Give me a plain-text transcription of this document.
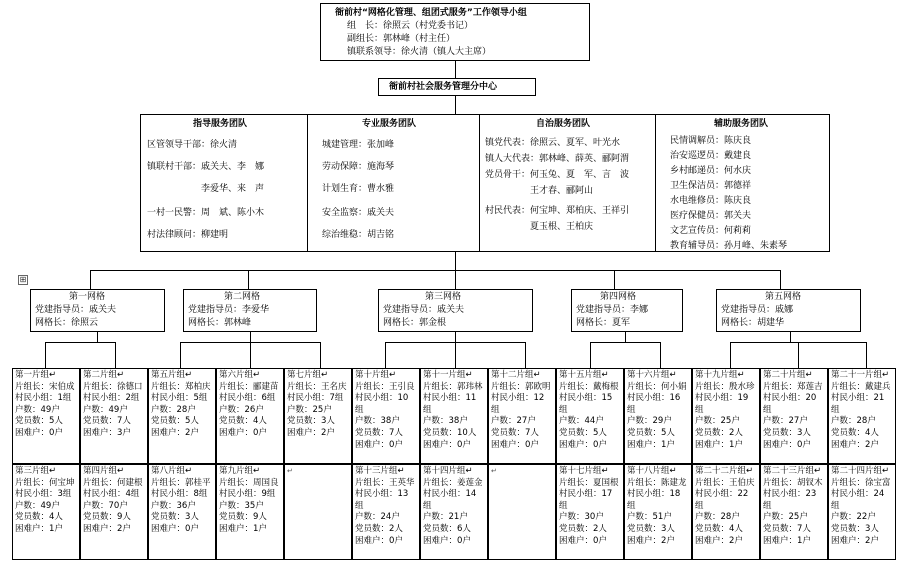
衙前村“网格化管理、组团式服务”工作领导小组
组　长：徐照云（村党委书记）
副组长：郭林峰（村主任）
镇联系领导：徐火清（镇人大主席）
衙前村社会服务管理分中心
指导服务团队
区管领导干部：徐火清
镇联村干部：戚关夫、李　娜
　　　　　　李爱华、来　声
一村一民警：周　斌、陈小木
村法律顾问：柳建明
专业服务团队
城建管理：张加峰
劳动保障：施海琴
计划生育：曹水雅
安全监察：戚关夫
综治维稳：胡吉铭
自治服务团队
镇党代表：徐照云、夏军、叶光水
镇人大代表：郭林峰、薛英、郦阿渭
党员骨干：何玉兔、夏　军、言　波
　　　　　王才春、郦阿山
村民代表：何宝坤、郑柏庆、王祥引
　　　　　夏玉根、王柏庆
辅助服务团队
民情调解员：陈庆良
治安巡逻员：戴建良
乡村邮递员：何水庆
卫生保洁员：郭德祥
水电维修员：陈庆良
医疗保健员：郭关夫
文艺宣传员：何莉莉
教育辅导员：孙月峰、朱素琴
⊞
第一网格
党建指导员：戚关夫
网格长：徐照云
第二网格
党建指导员：李爱华
网格长：郭林峰
第三网格
党建指导员：戚关夫
网格长：郭金根
第四网格
党建指导员：李娜
网格长：夏军
第五网格
党建指导员：戚娜
网格长：胡建华
第一片组↵
片组长：宋伯成
村民小组：1组
户数：49户
党员数：5人
困难户：0户
第二片组↵
片组长：徐德口
村民小组：2组
户数：49户
党员数：7人
困难户：3户
第五片组↵
片组长：郑柏庆
村民小组：5组
户数：28户
党员数：5人
困难户：2户
第六片组↵
片组长：郦建苗
村民小组：6组
户数：26户
党员数：4人
困难户：0户
第七片组↵
片组长：王名庆
村民小组：7组
户数：25户
党员数：3人
困难户：2户
第十片组↵
片组长：王引良
村民小组：10
组
户数：38户
党员数：7人
困难户：0户
第十一片组↵
片组长：郭玮林
村民小组：11
组
户数：38户
党员数：10人
困难户：0户
第十二片组↵
片组长：郭欧明
村民小组：12
组
户数：27户
党员数：7人
困难户：0户
第十五片组↵
片组长：戴梅根
村民小组：15
组
户数：44户
党员数：5人
困难户：0户
第十六片组↵
片组长：何小娟
村民小组：16
组
户数：29户
党员数：5人
困难户：1户
第十九片组↵
片组长：殷水珍
村民小组：19
组
户数：25户
党员数：2人
困难户：1户
第二十片组↵
片组长：郑莲吉
村民小组：20
组
户数：27户
党员数：3人
困难户：0户
第二十一片组↵
片组长：戴建兵
村民小组：21
组
户数：28户
党员数：4人
困难户：2户
第三片组↵
片组长：何宝坤
村民小组：3组
户数：49户
党员数：4人
困难户：1户
第四片组↵
片组长：何建根
村民小组：4组
户数：70户
党员数：9人
困难户：2户
第八片组↵
片组长：郭桂平
村民小组：8组
户数：36户
党员数：3人
困难户：0户
第九片组↵
片组长：周国良
村民小组：9组
户数：35户
党员数：9人
困难户：1户
↵	第十三片组↵
片组长：王英华
村民小组：13
组
户数：24户
党员数：2人
困难户：0户
第十四片组↵
片组长：姜莲金
村民小组：14
组
户数：21户
党员数：6人
困难户：0户
↵	第十七片组↵
片组长：夏国根
村民小组：17
组
户数：30户
党员数：2人
困难户：0户
第十八片组↵
片组长：陈建龙
村民小组：18
组
户数：51户
党员数：3人
困难户：2户
第二十二片组↵
片组长：王伯庆
村民小组：22
组
户数：28户
党员数：4人
困难户：2户
第二十三片组↵
片组长：胡钗木
村民小组：23
组
户数：25户
党员数：7人
困难户：1户
第二十四片组↵
片组长：徐宝富
村民小组：24
组
户数：22户
党员数：3人
困难户：2户
